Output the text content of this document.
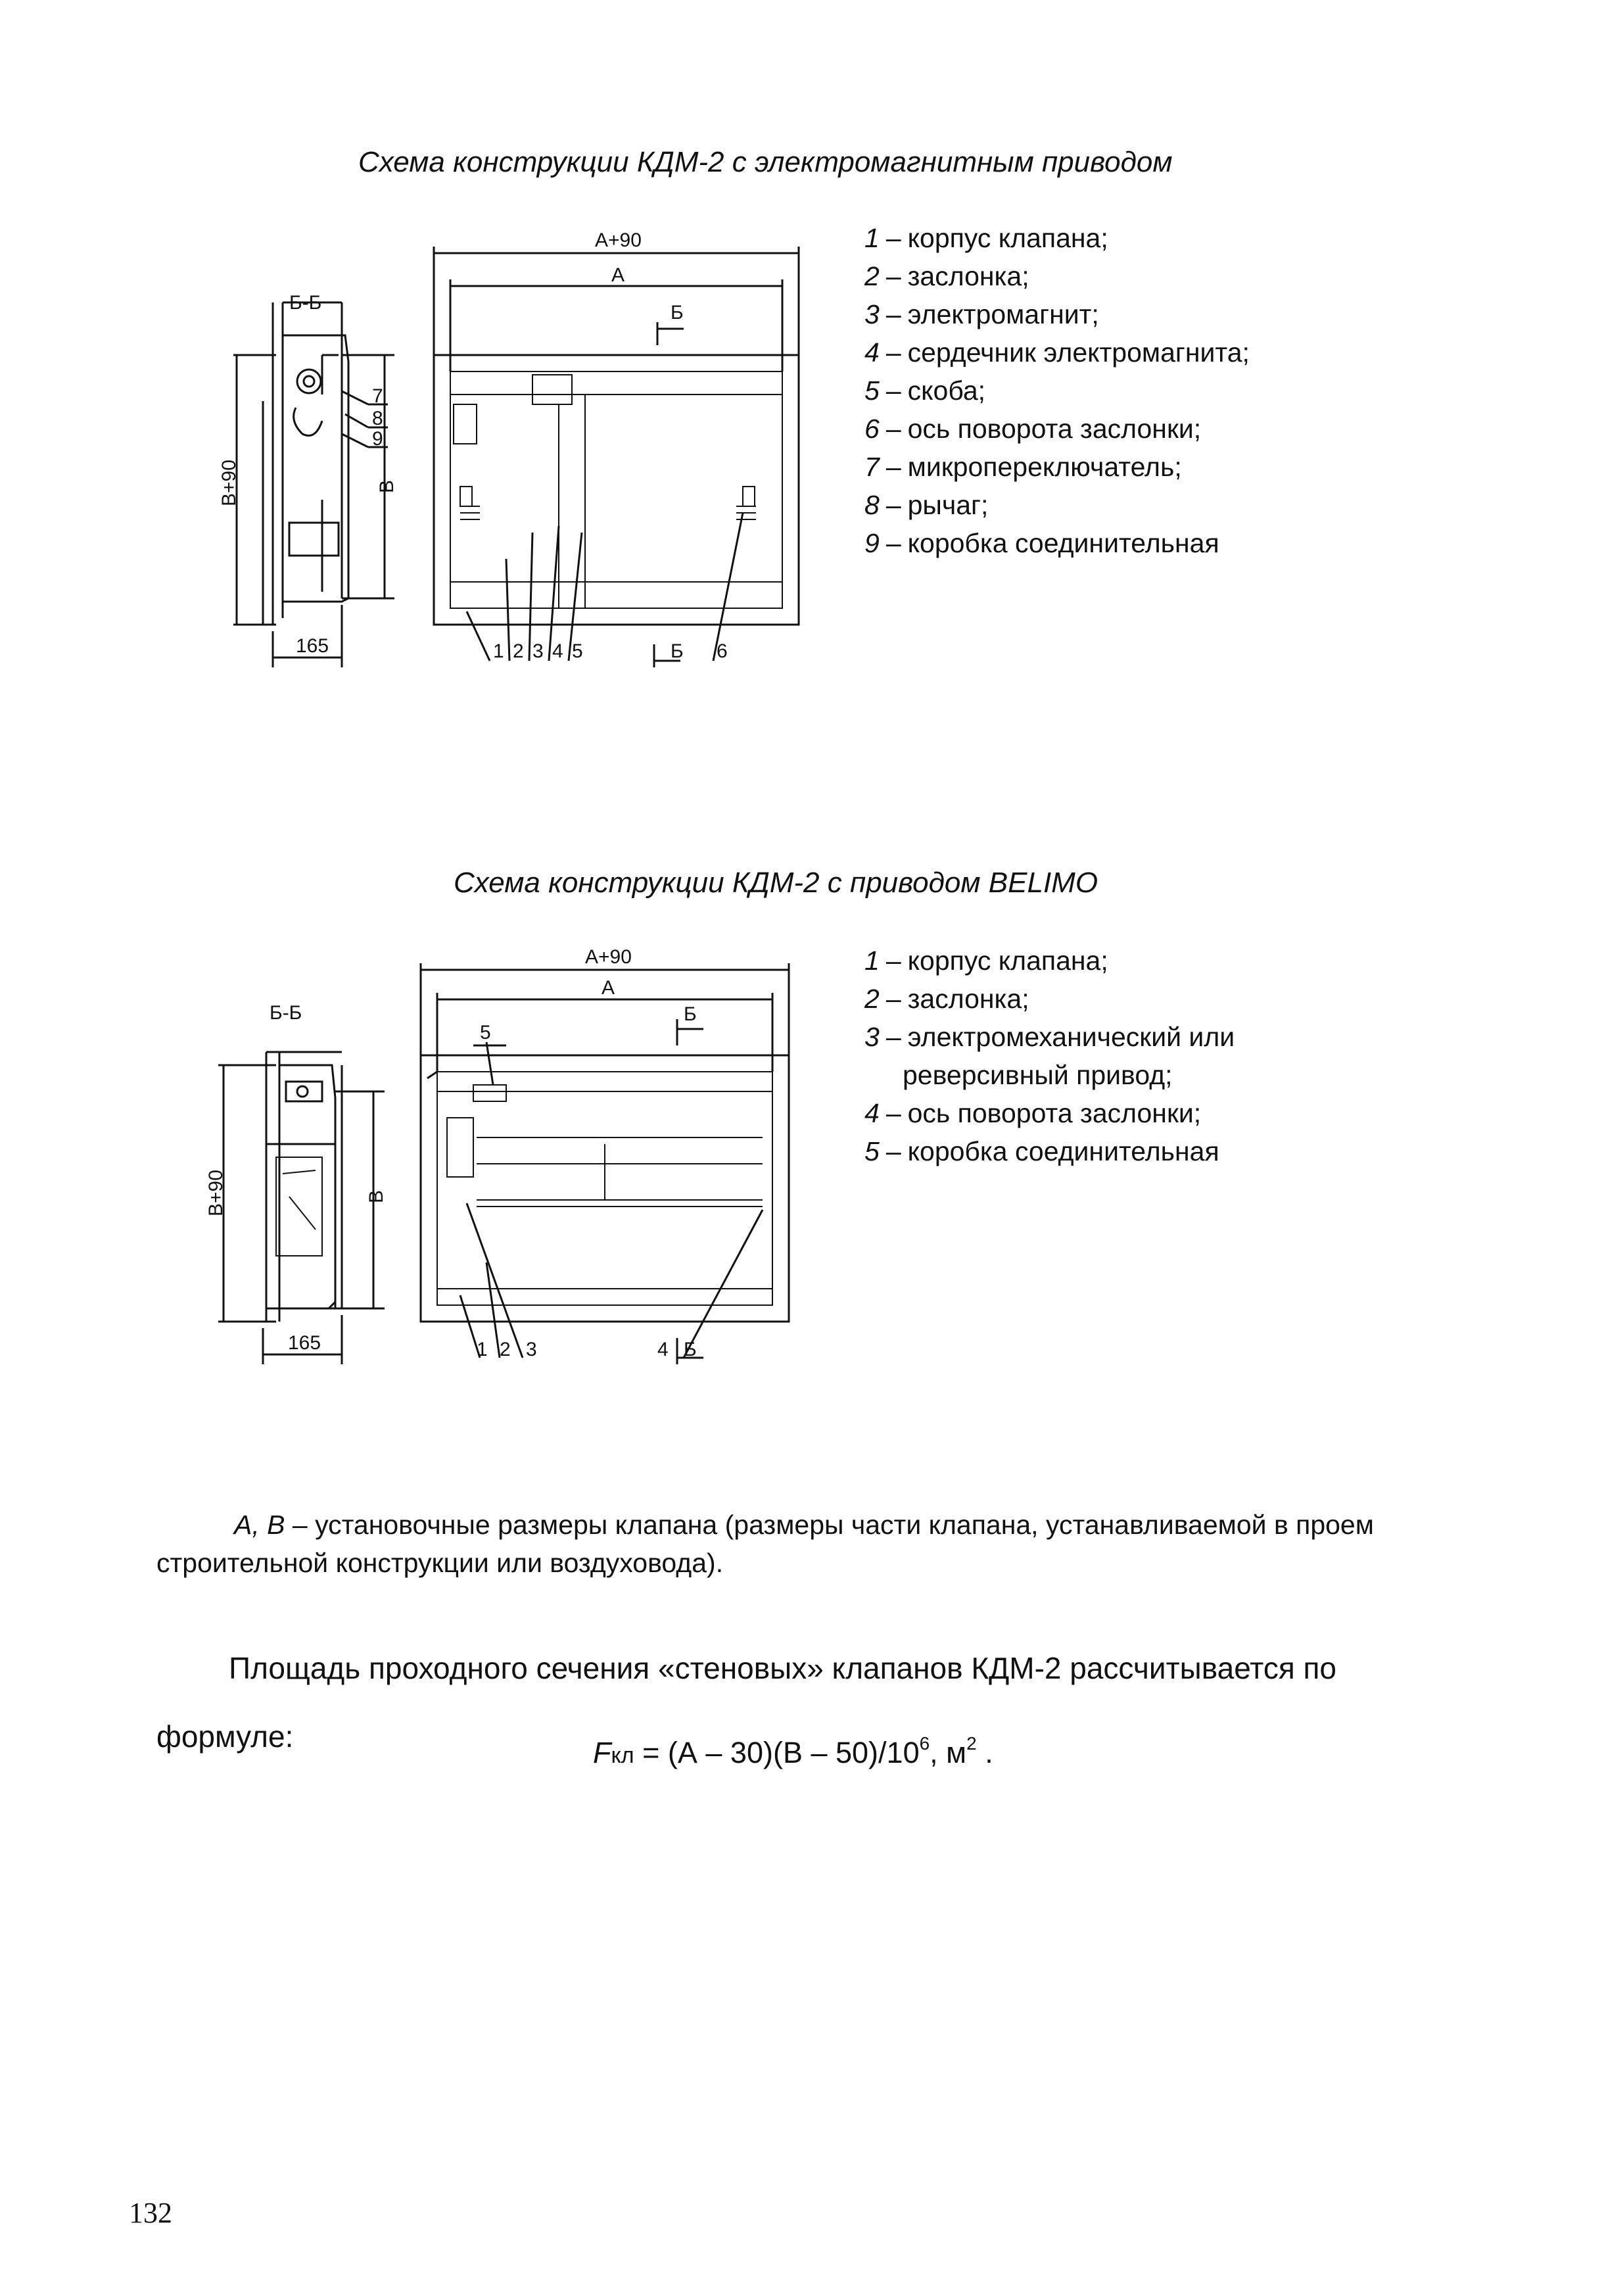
Схема конструкции КДМ-2 с электромагнитным приводом
Б-Б
А+90
А
Б
Б
165
В+90	В
7
8
9
1 2 3 4 5	6
1 – корпус клапана;
2 – заслонка;
3 – электромагнит;
4 – сердечник электромагнита;
5 – скоба;
6 – ось поворота заслонки;
7 – микропереключатель;
8 – рычаг;
9 – коробка соединительная
Схема конструкции КДМ-2 с приводом BELIMO
Б-Б
А+90
А
Б
Б
165
В+90	В
5
1 2 3	4
1 – корпус клапана;
2 – заслонка;
3 – электромеханический или
реверсивный привод;
4 – ось поворота заслонки;
5 – коробка соединительная
А, В – установочные размеры клапана (размеры части клапана, устанавливаемой в проем строительной конструкции или воздуховода).
Площадь проходного сечения «стеновых» клапанов КДМ-2 рассчитывается по формуле:	Fкл = $(А - 30)(В - 50)/10^6$, $м^2$ .
132
